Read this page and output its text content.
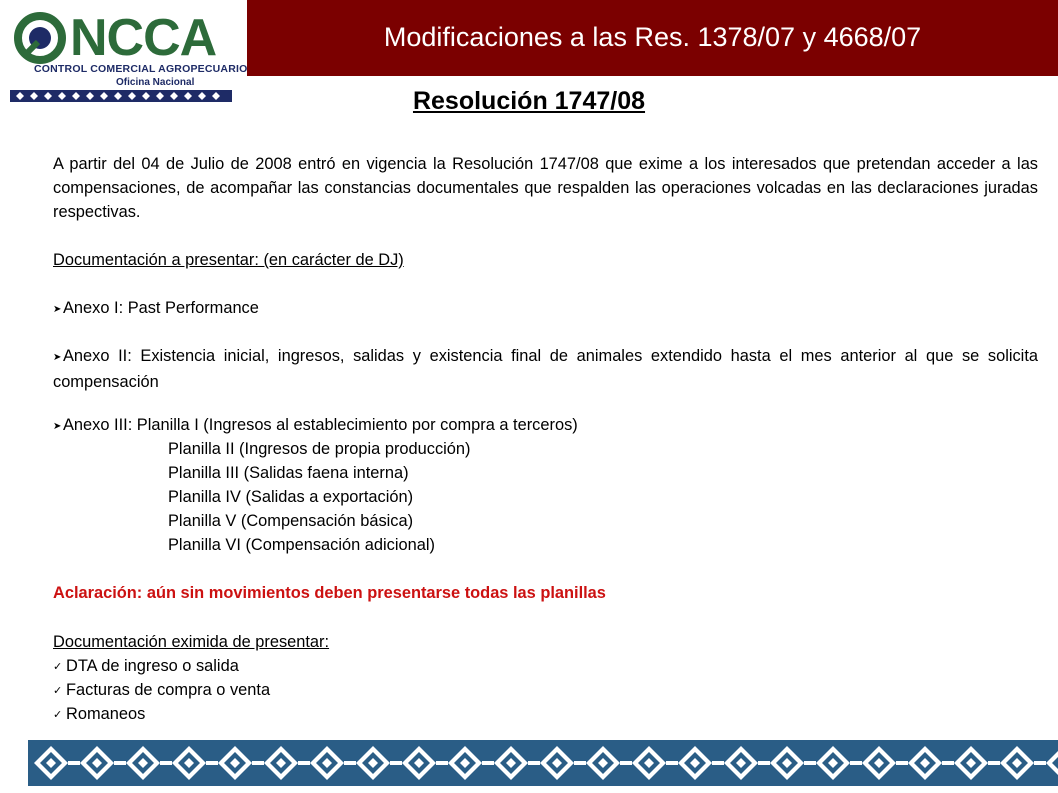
NCCA
CONTROL COMERCIAL AGROPECUARIO
Oficina Nacional
Modificaciones a las Res. 1378/07 y 4668/07
Resolución 1747/08
A partir del 04 de Julio de 2008 entró en vigencia la Resolución 1747/08 que exime a los interesados que pretendan acceder a las compensaciones, de acompañar las constancias documentales que respalden las operaciones volcadas en las declaraciones juradas respectivas.
Documentación a presentar: (en carácter de DJ)
➤Anexo I: Past Performance
➤Anexo II: Existencia inicial, ingresos, salidas y existencia final de animales extendido hasta el mes anterior al que se solicita compensación
➤Anexo III: Planilla I (Ingresos al establecimiento por compra a terceros)
Planilla II (Ingresos de propia producción)
Planilla III (Salidas faena interna)
Planilla IV (Salidas a exportación)
Planilla V (Compensación básica)
Planilla VI (Compensación adicional)
Aclaración: aún sin movimientos deben presentarse todas las planillas
Documentación eximida de presentar:
✓ DTA de ingreso o salida
✓ Facturas de compra o venta
✓ Romaneos
